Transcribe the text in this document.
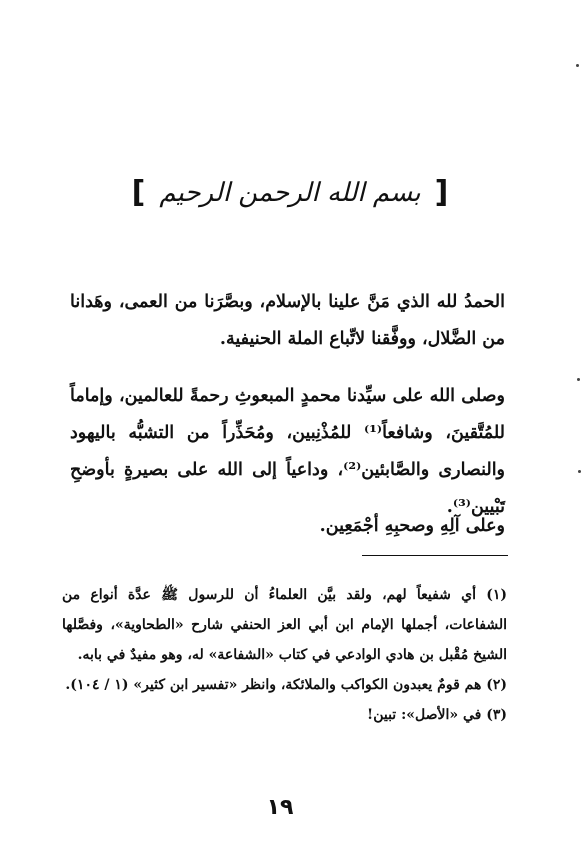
[
بسم الله الرحمن الرحيم
]

الحمدُ لله الذي مَنَّ علينا بالإسلام، وبصَّرَنا من العمى، وهَدانا من الضَّلال، ووفَّقنا لاتِّباع الملة الحنيفية.

وصلى الله على سيِّدنا محمدٍ المبعوثِ رحمةً للعالمين، وإماماً للمُتَّقينَ، وشافعاً⁽¹⁾ للمُذْنِبين، ومُحَذِّراً من التشبُّه باليهود والنصارى والصَّابئين⁽²⁾، وداعياً إلى الله على بصيرةٍ بأوضحِ تَبْيين⁽³⁾.

وعلى آلِهِ وصحبِهِ أجْمَعِين.

(١) أي شفيعاً لهم، ولقد بيَّن العلماءُ أن للرسول ﷺ عدَّة أنواع من الشفاعات، أجملها الإمام ابن أبي العز الحنفي شارح «الطحاوية»، وفصَّلها الشيخ مُقْبل بن هادي الوادعي في كتاب «الشفاعة» له، وهو مفيدٌ في بابه.

(٢) هم قومٌ يعبدون الكواكب والملائكة، وانظر «تفسير ابن كثير» (١ / ١٠٤).

(٣) في «الأصل»: تبين!

١٩
